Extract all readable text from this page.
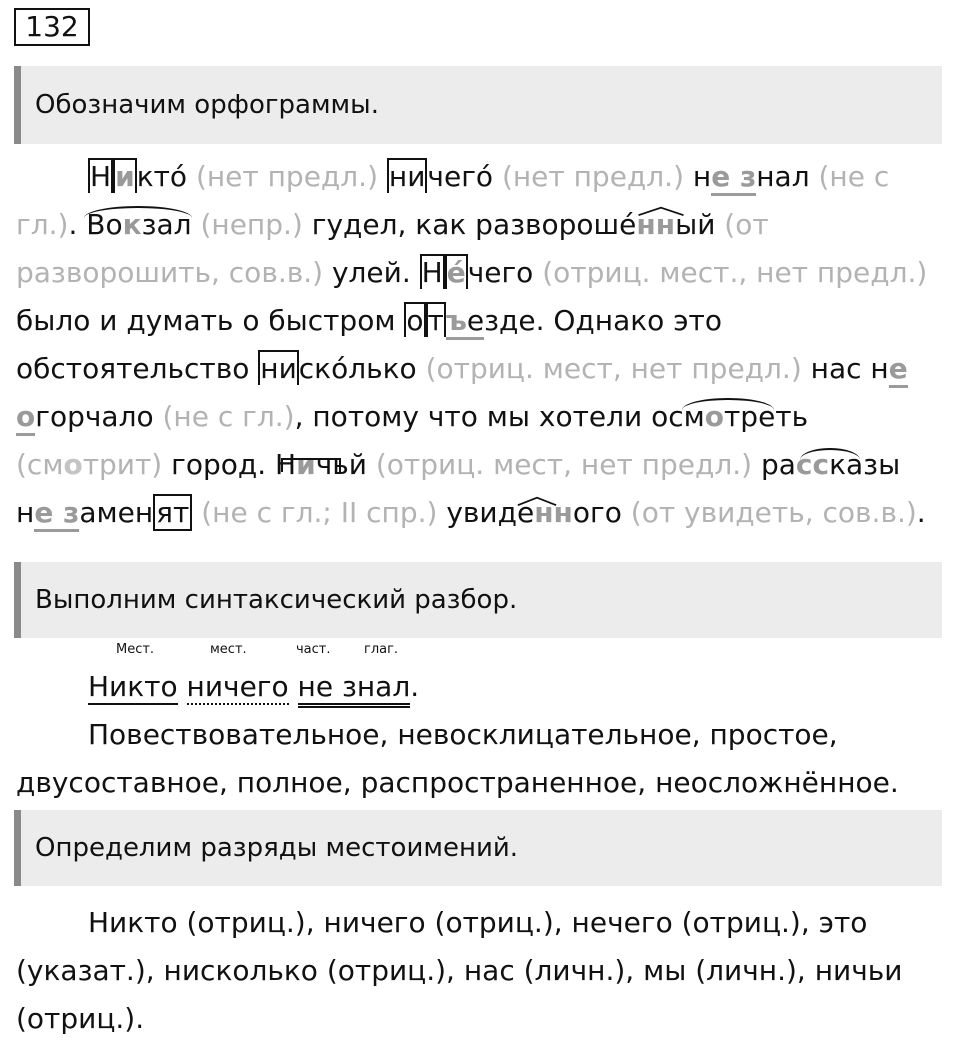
132
Обозначим орфограммы.
Н икто́ (нет предл.) ничего́ (нет предл.) не знал (не с
гл.). Вокзал (непр.) гудел, как развороше́нный (от
разворошить, сов.в.) улей. Н е́чего (отриц. мест., нет предл.)
было и думать о быстром о тъезде. Однако это
обстоятельство ниско́лько (отриц. мест, нет предл.) нас не
огорчало (не с гл.), потому что мы хотели осмотреть
(смотрит) город. Ничьй (отриц. мест, нет предл.) рассказы
не замен ят (не с гл.; II спр.) увиденного (от увидеть, сов.в.).
Выполним синтаксический разбор.
Мест.	мест.	част.	глаг.
Никто ничего не знал.
Повествовательное, невосклицательное, простое,
двусоставное, полное, распространенное, неосложнённое.
Определим разряды местоимений.
Никто (отриц.), ничего (отриц.), нечего (отриц.), это
(указат.), нисколько (отриц.), нас (личн.), мы (личн.), ничьи
(отриц.).
